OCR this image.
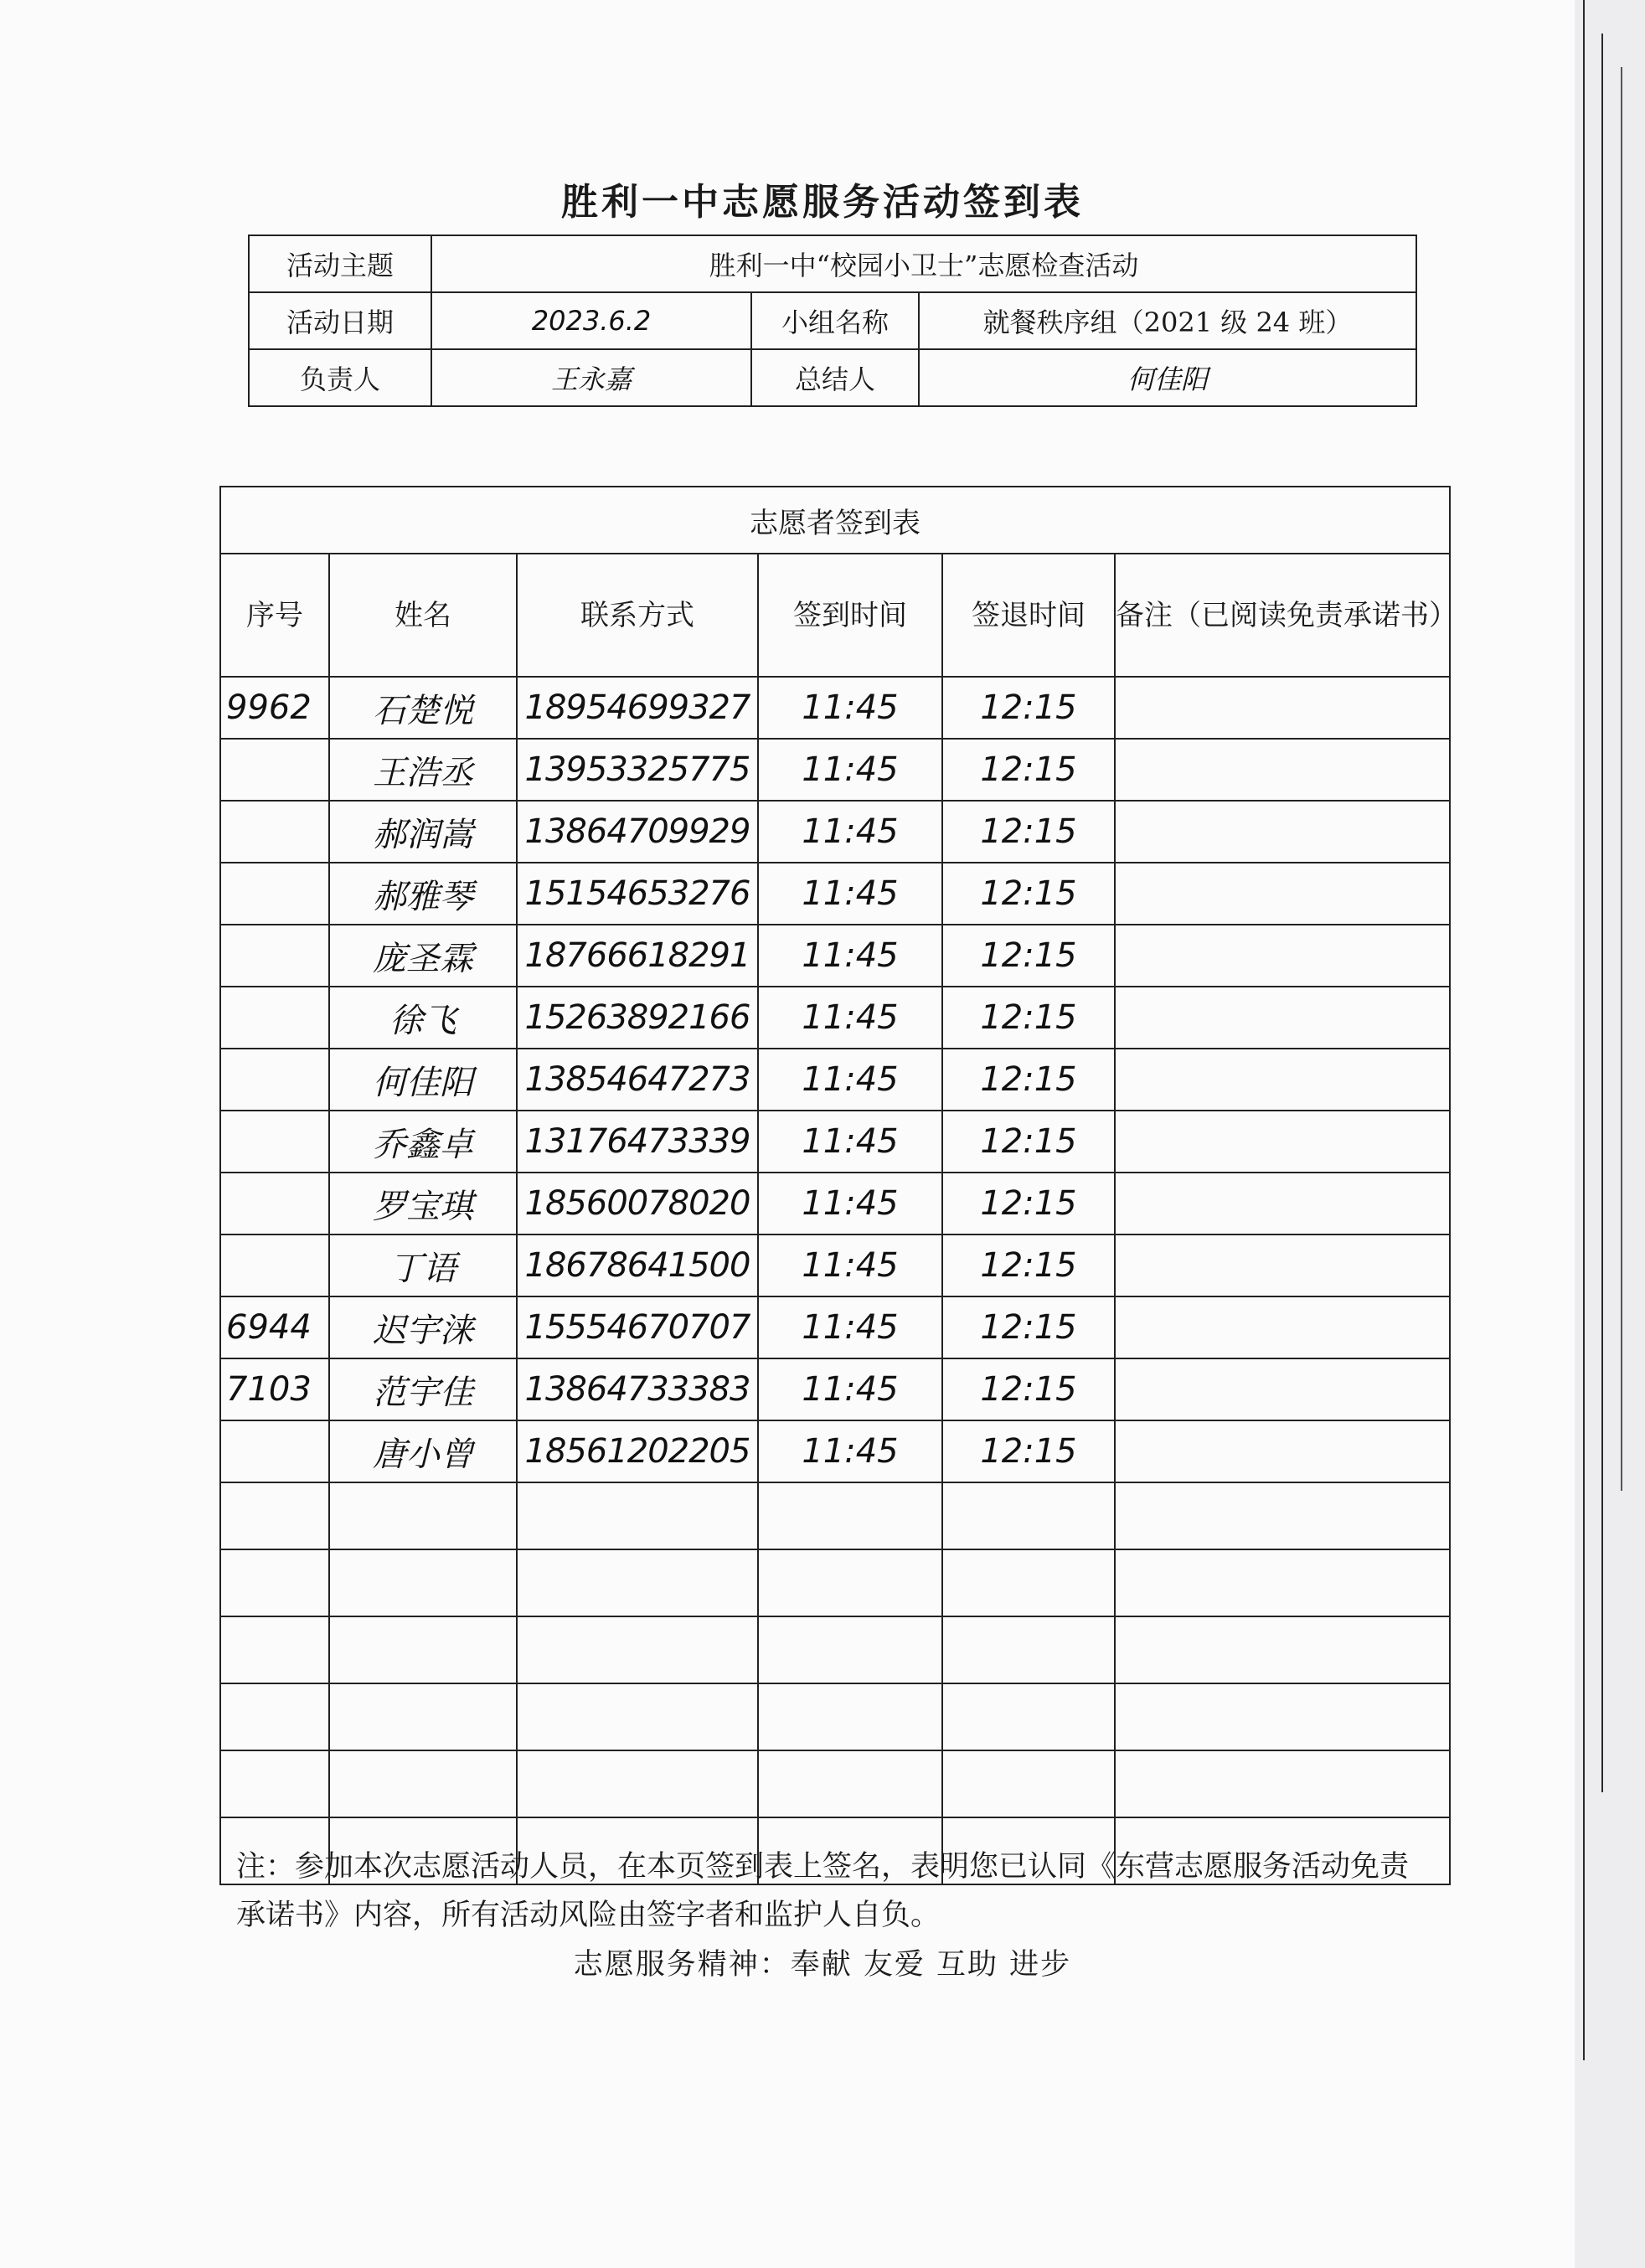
胜利一中志愿服务活动签到表
活动主题	胜利一中“校园小卫士”志愿检查活动		
活动日期	2023.6.2	小组名称	就餐秩序组（2021 级 24 班）
负责人	王永嘉	总结人	何佳阳
志愿者签到表					
序号	姓名	联系方式	签到时间	签退时间	备注（已阅读免责承诺书）
9962	石楚悦	18954699327	11:45	12:15	
	王浩丞	13953325775	11:45	12:15	
	郝润嵩	13864709929	11:45	12:15	
	郝雅琴	15154653276	11:45	12:15	
	庞圣霖	18766618291	11:45	12:15	
	徐飞	15263892166	11:45	12:15	
	何佳阳	13854647273	11:45	12:15	
	乔鑫卓	13176473339	11:45	12:15	
	罗宝琪	18560078020	11:45	12:15	
	丁语	18678641500	11:45	12:15	
6944	迟宇涞	15554670707	11:45	12:15	
7103	范宇佳	13864733383	11:45	12:15	
	唐小曾	18561202205	11:45	12:15	

注：参加本次志愿活动人员，在本页签到表上签名，表明您已认同《东营志愿服务活动免责承诺书》内容，所有活动风险由签字者和监护人自负。
志愿服务精神：奉献 友爱 互助 进步
